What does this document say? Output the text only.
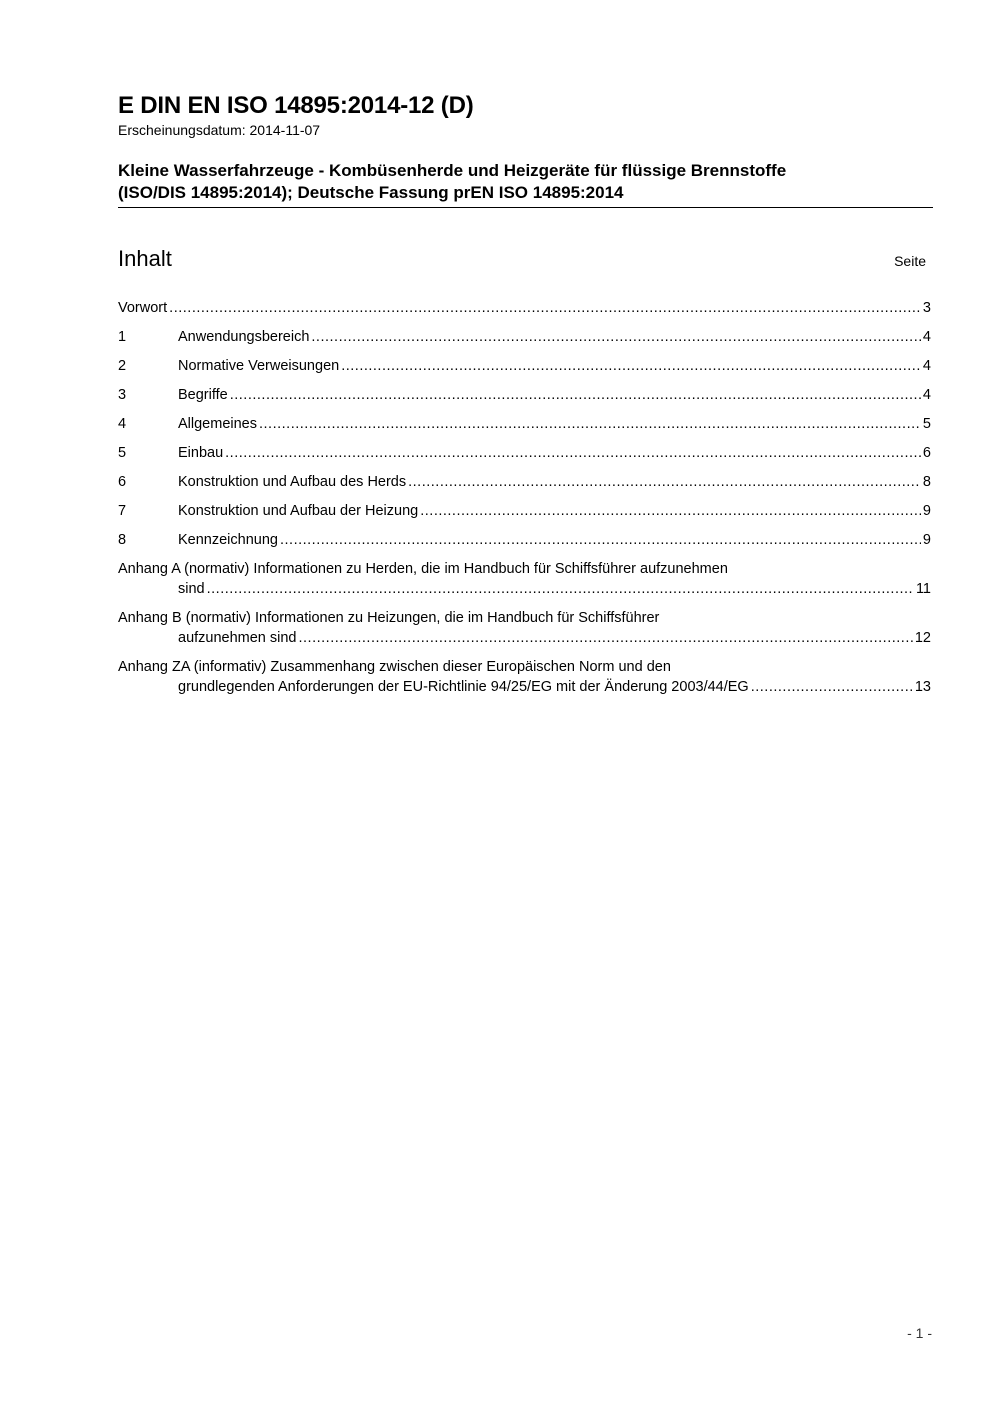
E DIN EN ISO 14895:2014-12 (D)
Erscheinungsdatum: 2014-11-07
Kleine Wasserfahrzeuge - Kombüsenherde und Heizgeräte für flüssige Brennstoffe
(ISO/DIS 14895:2014); Deutsche Fassung prEN ISO 14895:2014
Inhalt	Seite
Vorwort .....	3
1	Anwendungsbereich .....	4
2	Normative Verweisungen .....	4
3	Begriffe .....	4
4	Allgemeines .....	5
5	Einbau .....	6
6	Konstruktion und Aufbau des Herds .....	8
7	Konstruktion und Aufbau der Heizung .....	9
8	Kennzeichnung .....	9
Anhang A (normativ) Informationen zu Herden, die im Handbuch für Schiffsführer aufzunehmen
sind .....	11
Anhang B (normativ) Informationen zu Heizungen, die im Handbuch für Schiffsführer
aufzunehmen sind .....	12
Anhang ZA (informativ) Zusammenhang zwischen dieser Europäischen Norm und den
grundlegenden Anforderungen der EU-Richtlinie 94/25/EG mit der Änderung 2003/44/EG .....	13
- 1 -
